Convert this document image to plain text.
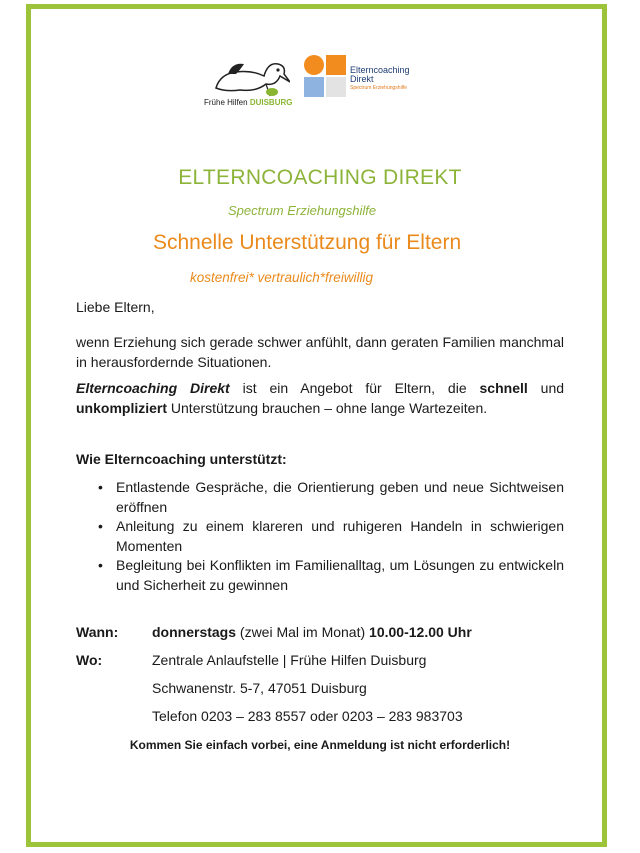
Frühe Hilfen DUISBURG
Elterncoaching
Direkt
Spectrum Erziehungshilfe
ELTERNCOACHING DIREKT
Spectrum Erziehungshilfe
Schnelle Unterstützung für Eltern
kostenfrei* vertraulich*freiwillig
Liebe Eltern,
wenn Erziehung sich gerade schwer anfühlt, dann geraten Familien manchmal in herausfordernde Situationen.
Elterncoaching Direkt ist ein Angebot für Eltern, die schnell und unkompliziert Unterstützung brauchen – ohne lange Wartezeiten.
Wie Elterncoaching unterstützt:
• Entlastende Gespräche, die Orientierung geben und neue Sichtweisen eröffnen
• Anleitung zu einem klareren und ruhigeren Handeln in schwierigen Momenten
• Begleitung bei Konflikten im Familienalltag, um Lösungen zu entwickeln und Sicherheit zu gewinnen
Wann: donnerstags (zwei Mal im Monat) 10.00-12.00 Uhr
Wo:	Zentrale Anlaufstelle | Frühe Hilfen Duisburg
Schwanenstr. 5-7, 47051 Duisburg
Telefon 0203 – 283 8557 oder 0203 – 283 983703
Kommen Sie einfach vorbei, eine Anmeldung ist nicht erforderlich!
